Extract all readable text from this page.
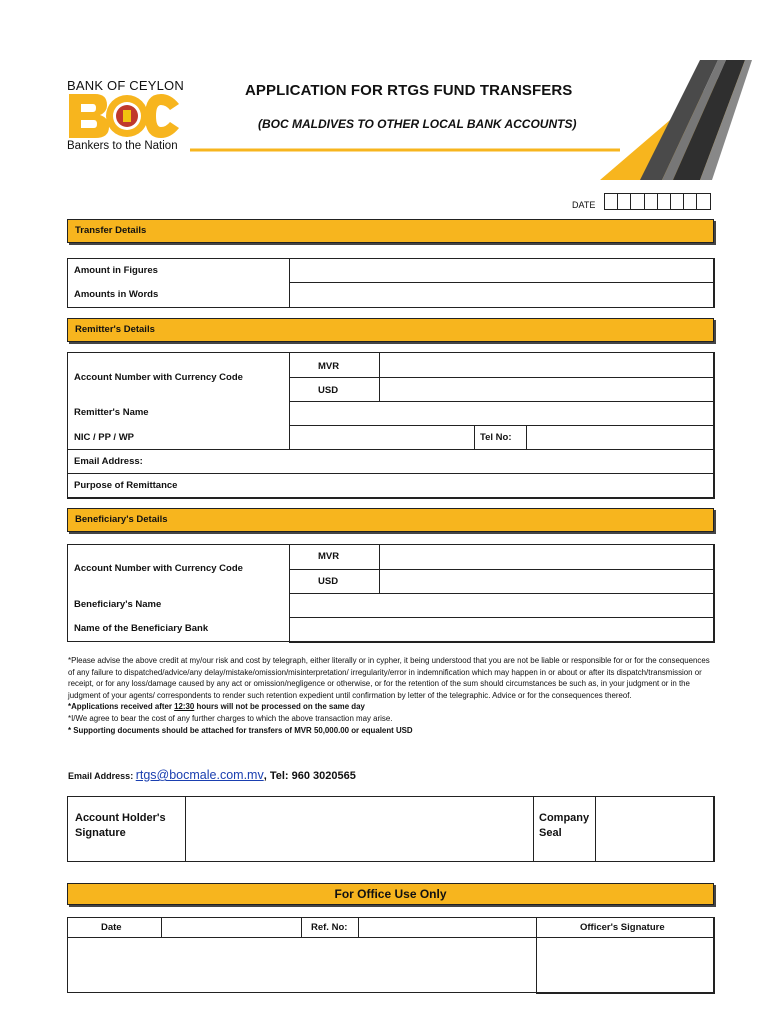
BANK OF CEYLON
Bankers to the Nation
APPLICATION FOR RTGS FUND TRANSFERS
(BOC MALDIVES TO OTHER LOCAL BANK ACCOUNTS)
DATE
Transfer Details
Amount in Figures
Amounts in Words
Remitter's Details
Account Number with Currency Code
MVR
USD
Remitter's Name
NIC / PP / WP	Tel No:
Email Address:
Purpose of Remittance
Beneficiary's Details
Account Number with Currency Code
MVR
USD
Beneficiary's Name
Name of the Beneficiary Bank
*Please advise the above credit at my/our risk and cost by telegraph, either literally or in cypher, it being understood that you are not be liable or responsible for or for the consequences of any failure to dispatched/advice/any delay/mistake/omission/misinterpretation/ irregularity/error in indemnification which may happen in or about or after its dispatch/transmission or receipt, or for any loss/damage caused by any act or omission/negligence or otherwise, or for the retention of the sum should circumstances be such as, in your judgment or in the judgment of your agents/ correspondents to render such retention expedient until confirmation by letter of the telegraphic. Advice or for the consequences thereof.
*Applications received after 12:30 hours will not be processed on the same day
*I/We agree to bear the cost of any further charges to which the above transaction may arise.
* Supporting documents should be attached for transfers of MVR 50,000.00 or equalent USD
Email Address: rtgs@bocmale.com.mv, Tel: 960 3020565
Account Holder's
Signature
Company
Seal
For Office Use Only
Date	Ref. No:	Officer's Signature
